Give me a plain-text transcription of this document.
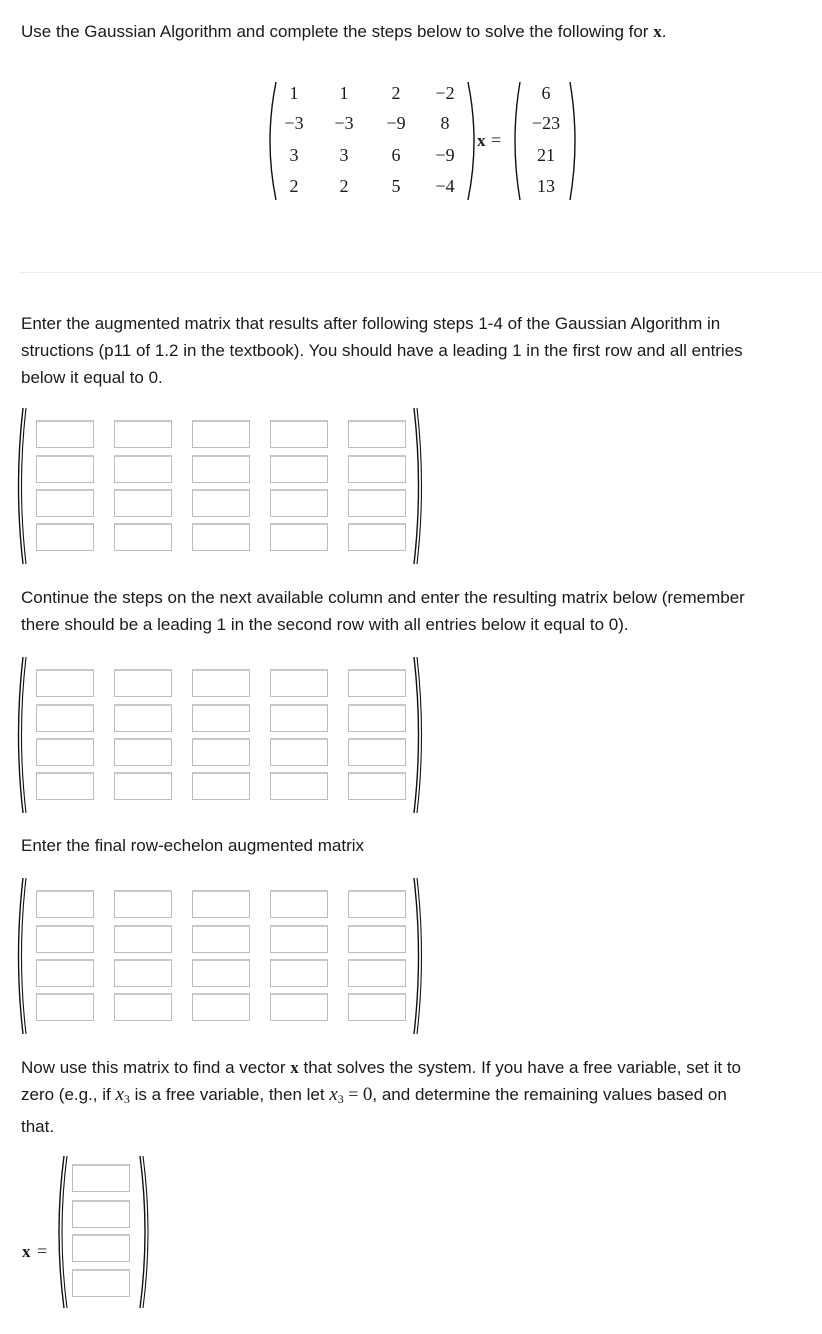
Use the Gaussian Algorithm and complete the steps below to solve the following for x.

1	1	2	−2
−3	−3	−9	8
3	3	6	−9
2	2	5	−4
x =
6
−23
21
13

Enter the augmented matrix that results after following steps 1-4 of the Gaussian Algorithm in

structions (p11 of 1.2 in the textbook). You should have a leading 1 in the first row and all entries

below it equal to 0.

Continue the steps on the next available column and enter the resulting matrix below (remember

there should be a leading 1 in the second row with all entries below it equal to 0).

Enter the final row-echelon augmented matrix

Now use this matrix to find a vector x that solves the system. If you have a free variable, set it to

zero (e.g., if x3 is a free variable, then let x3 = 0, and determine the remaining values based on

that.

x =
